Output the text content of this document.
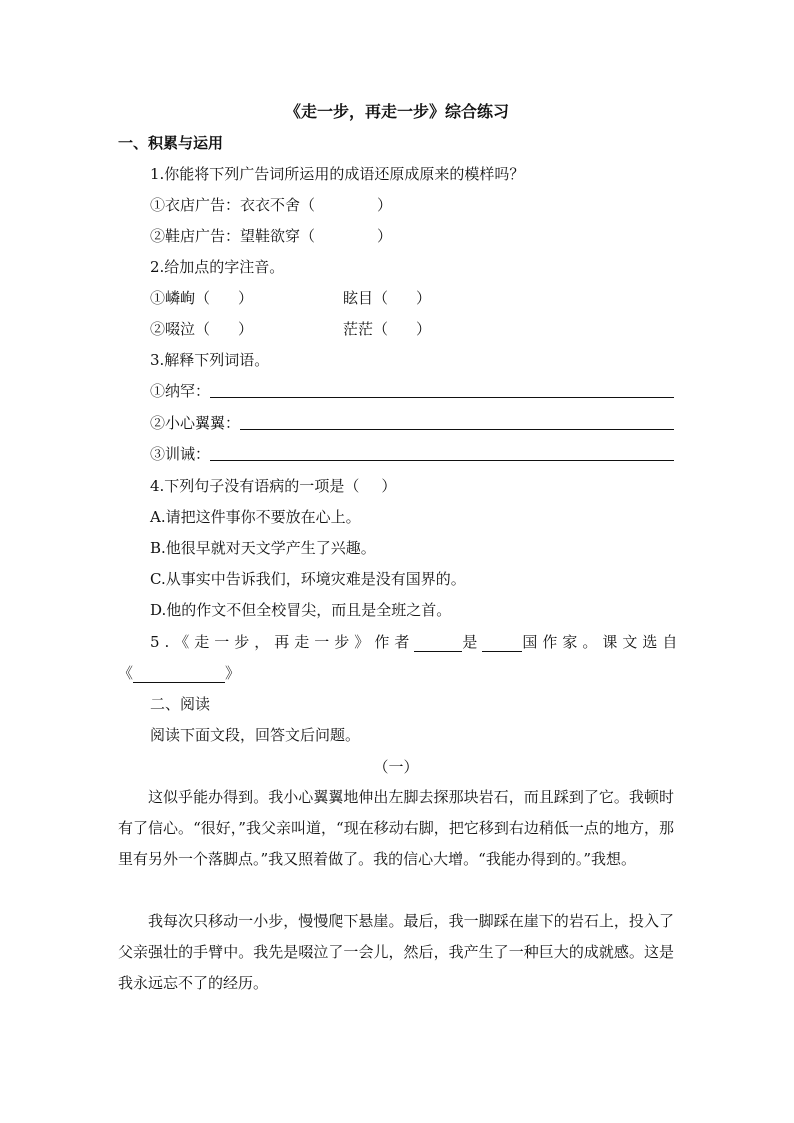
《走一步，再走一步》综合练习
一、积累与运用
1.你能将下列广告词所运用的成语还原成原来的模样吗？
①衣店广告：衣衣不舍（	）
②鞋店广告：望鞋欲穿（	）
2.给加点的字注音。
①嶙峋（ ）	眩目（ ）
②啜泣（ ）	茫茫（ ）
3.解释下列词语。
①纳罕：
②小心翼翼：
③训诫：
4.下列句子没有语病的一项是（ ）
A.请把这件事你不要放在心上。
B.他很早就对天文学产生了兴趣。
C.从事实中告诉我们，环境灾难是没有国界的。
D.他的作文不但全校冒尖，而且是全班之首。
5.《走一步，再走一步》作者	是	国作家。课文选自
《	》
二、阅读
阅读下面文段，回答文后问题。
（一）
这似乎能办得到。我小心翼翼地伸出左脚去探那块岩石，而且踩到了它。我顿时有了信心。“很好，”我父亲叫道，“现在移动右脚，把它移到右边稍低一点的地方，那里有另外一个落脚点。”我又照着做了。我的信心大增。“我能办得到的。”我想。
我每次只移动一小步，慢慢爬下悬崖。最后，我一脚踩在崖下的岩石上，投入了父亲强壮的手臂中。我先是啜泣了一会儿，然后，我产生了一种巨大的成就感。这是我永远忘不了的经历。
